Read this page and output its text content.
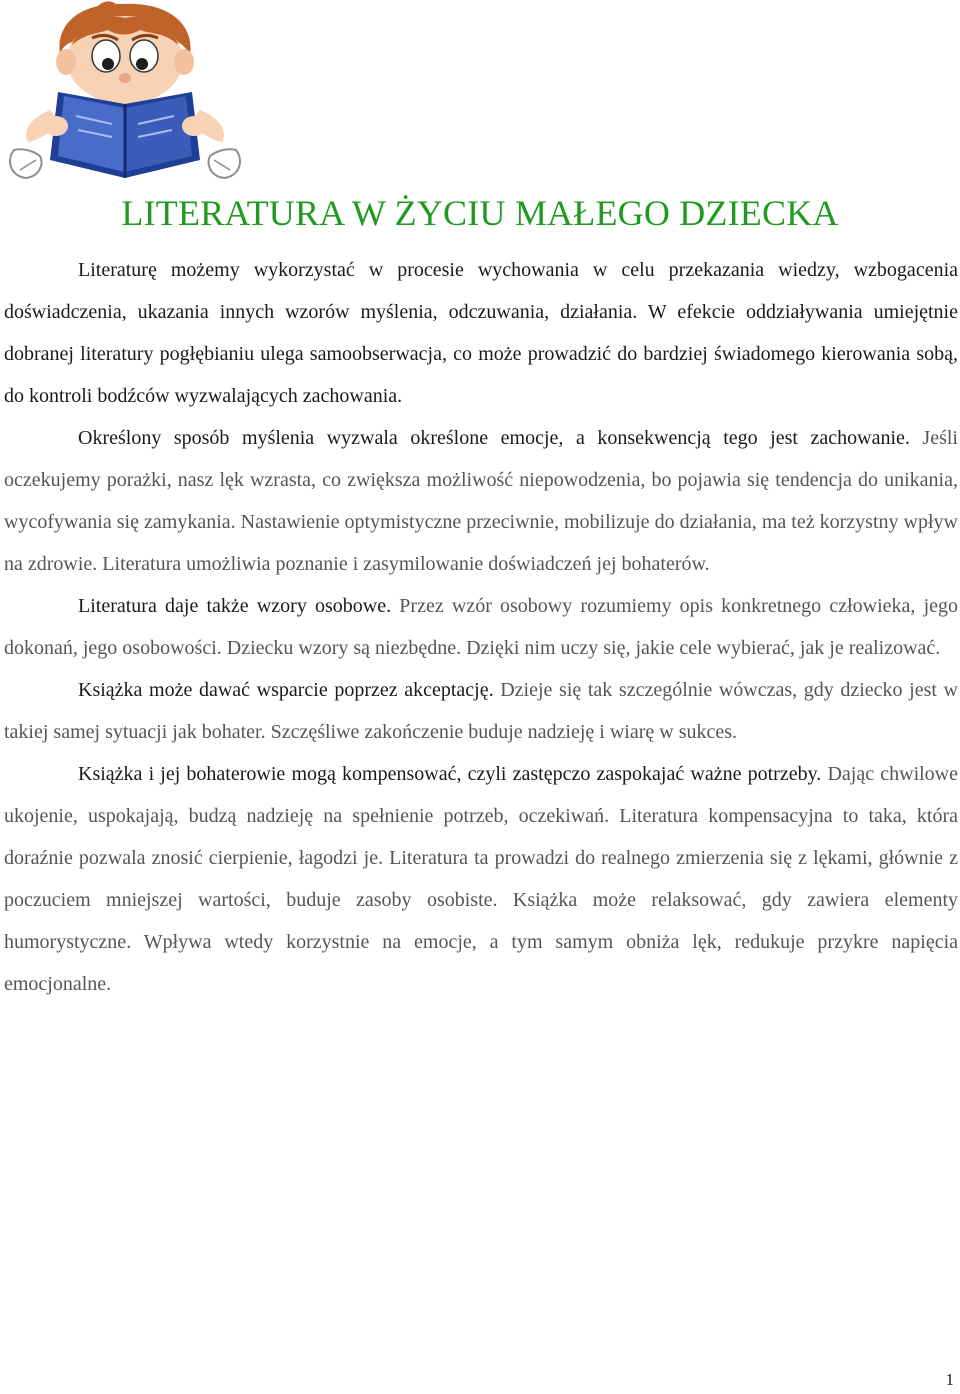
LITERATURA W ŻYCIU MAŁEGO DZIECKA

Literaturę możemy wykorzystać w procesie wychowania w celu przekazania wiedzy, wzbogacenia doświadczenia, ukazania innych wzorów myślenia, odczuwania, działania. W efekcie oddziaływania umiejętnie dobranej literatury pogłębianiu ulega samoobserwacja, co może prowadzić do bardziej świadomego kierowania sobą, do kontroli bodźców wyzwalających zachowania.

Określony sposób myślenia wyzwala określone emocje, a konsekwencją tego jest zachowanie. Jeśli oczekujemy porażki, nasz lęk wzrasta, co zwiększa możliwość niepowodzenia, bo pojawia się tendencja do unikania, wycofywania się zamykania. Nastawienie optymistyczne przeciwnie, mobilizuje do działania, ma też korzystny wpływ na zdrowie. Literatura umożliwia poznanie i zasymilowanie doświadczeń jej bohaterów.

Literatura daje także wzory osobowe. Przez wzór osobowy rozumiemy opis konkretnego człowieka, jego dokonań, jego osobowości. Dziecku wzory są niezbędne. Dzięki nim uczy się, jakie cele wybierać, jak je realizować.

Książka może dawać wsparcie poprzez akceptację. Dzieje się tak szczególnie wówczas, gdy dziecko jest w takiej samej sytuacji jak bohater. Szczęśliwe zakończenie buduje nadzieję i wiarę w sukces.

Książka i jej bohaterowie mogą kompensować, czyli zastępczo zaspokajać ważne potrzeby. Dając chwilowe ukojenie, uspokajają, budzą nadzieję na spełnienie potrzeb, oczekiwań. Literatura kompensacyjna to taka, która doraźnie pozwala znosić cierpienie, łagodzi je. Literatura ta prowadzi do realnego zmierzenia się z lękami, głównie z poczuciem mniejszej wartości, buduje zasoby osobiste. Książka może relaksować, gdy zawiera elementy humorystyczne. Wpływa wtedy korzystnie na emocje, a tym samym obniża lęk, redukuje przykre napięcia emocjonalne.

1
